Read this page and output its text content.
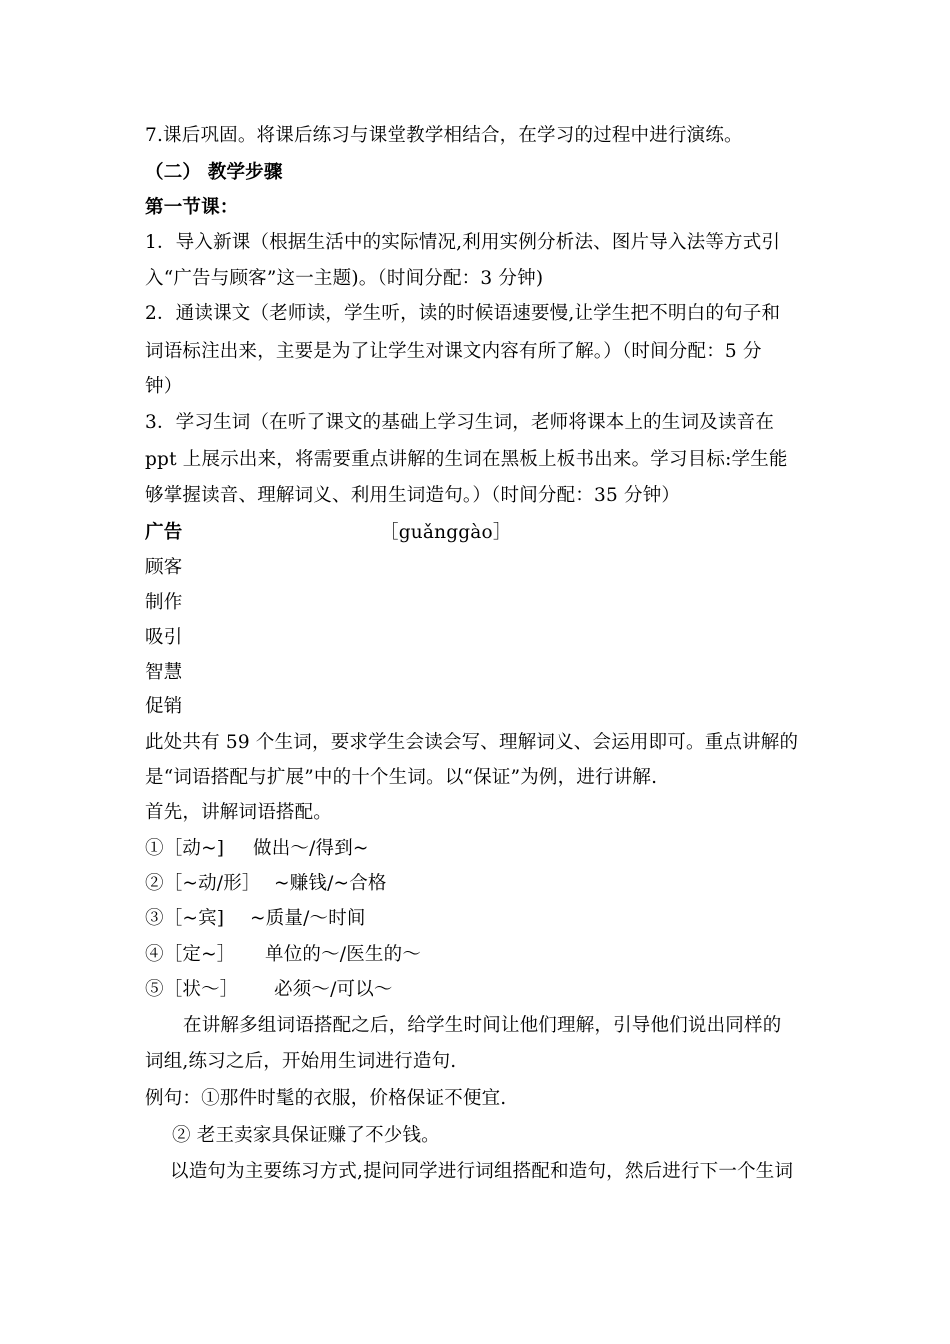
7.课后巩固。将课后练习与课堂教学相结合，在学习的过程中进行演练。
（二） 教学步骤
第一节课：
1．导入新课（根据生活中的实际情况,利用实例分析法、图片导入法等方式引
入“广告与顾客”这一主题)。（时间分配：3 分钟)
2．通读课文（老师读，学生听，读的时候语速要慢,让学生把不明白的句子和
词语标注出来，主要是为了让学生对课文内容有所了解。）（时间分配：5 分
钟）
3．学习生词（在听了课文的基础上学习生词，老师将课本上的生词及读音在
ppt 上展示出来，将需要重点讲解的生词在黑板上板书出来。学习目标:学生能
够掌握读音、理解词义、利用生词造句。）（时间分配：35 分钟）
广告	［guǎnggào］
顾客
制作
吸引
智慧
促销
此处共有 59 个生词，要求学生会读会写、理解词义、会运用即可。重点讲解的
是“词语搭配与扩展”中的十个生词。以“保证”为例，进行讲解.
首先，讲解词语搭配。
①［动~] 做出～/得到~
②［~动/形］ ~赚钱/~合格
③［~宾] ~质量/～时间
④［定~］ 单位的～/医生的～
⑤［状～］ 必须～/可以～
在讲解多组词语搭配之后，给学生时间让他们理解，引导他们说出同样的
词组,练习之后，开始用生词进行造句.
例句：①那件时髦的衣服，价格保证不便宜.
② 老王卖家具保证赚了不少钱。
以造句为主要练习方式,提问同学进行词组搭配和造句，然后进行下一个生词
